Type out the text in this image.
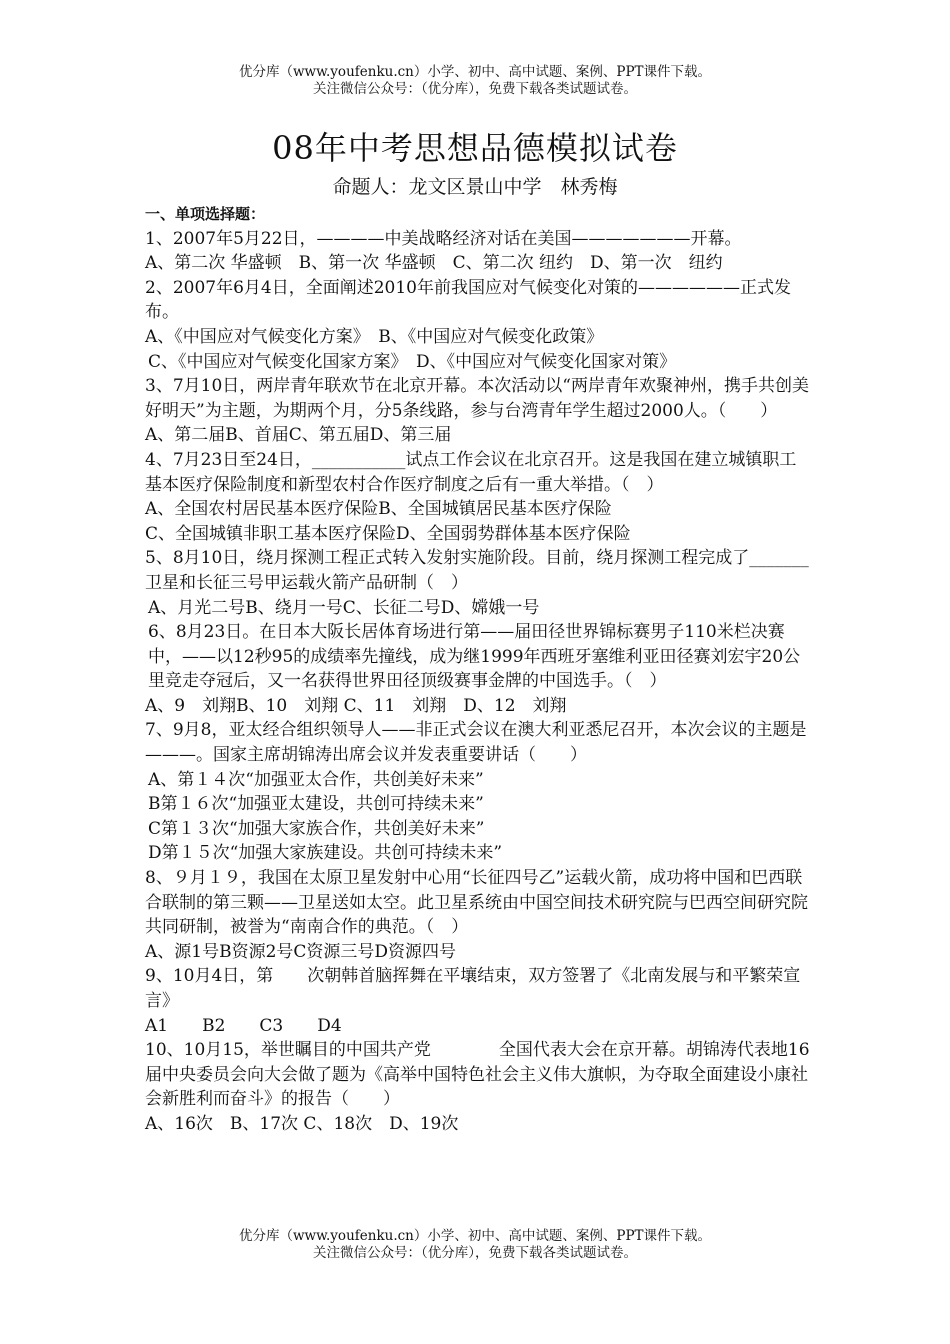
优分库（www.youfenku.cn）小学、初中、高中试题、案例、PPT课件下载。
关注微信公众号：（优分库），免费下载各类试题试卷。
08年中考思想品德模拟试卷
命题人：龙文区景山中学　林秀梅

一、单项选择题：

1、2007年5月22日，————中美战略经济对话在美国———————开幕。

A、第二次 华盛顿　B、第一次 华盛顿　C、第二次 纽约　D、第一次　纽约

2、2007年6月4日，全面阐述2010年前我国应对气候变化对策的——————正式发布。

A、《中国应对气候变化方案》　B、《中国应对气候变化政策》

C、《中国应对气候变化国家方案》　D、《中国应对气候变化国家对策》

3、7月10日，两岸青年联欢节在北京开幕。本次活动以“两岸青年欢聚神州，携手共创美好明天”为主题，为期两个月，分5条线路，参与台湾青年学生超过2000人。（　　）

A、第二届B、首届C、第五届D、第三届

4、7月23日至24日，___________试点工作会议在北京召开。这是我国在建立城镇职工基本医疗保险制度和新型农村合作医疗制度之后有一重大举措。（　）

A、全国农村居民基本医疗保险B、全国城镇居民基本医疗保险

C、全国城镇非职工基本医疗保险D、全国弱势群体基本医疗保险

5、8月10日，绕月探测工程正式转入发射实施阶段。目前，绕月探测工程完成了_______卫星和长征三号甲运载火箭产品研制（　）

A、月光二号B、绕月一号C、长征二号D、嫦娥一号

6、8月23日。在日本大阪长居体育场进行第——届田径世界锦标赛男子110米栏决赛中，——以12秒95的成绩率先撞线，成为继1999年西班牙塞维利亚田径赛刘宏宇20公里竞走夺冠后，又一名获得世界田径顶级赛事金牌的中国选手。（　）

A、9　刘翔B、10　刘翔 C、11　刘翔　D、12　刘翔

7、9月8，亚太经合组织领导人——非正式会议在澳大利亚悉尼召开，本次会议的主题是———。国家主席胡锦涛出席会议并发表重要讲话（　　）

A、第１４次“加强亚太合作，共创美好未来”

B第１６次“加强亚太建设，共创可持续未来”

C第１３次“加强大家族合作，共创美好未来”

D第１５次“加强大家族建设。共创可持续未来”

8、９月１９，我国在太原卫星发射中心用“长征四号乙”运载火箭，成功将中国和巴西联合联制的第三颗——卫星送如太空。此卫星系统由中国空间技术研究院与巴西空间研究院共同研制，被誉为“南南合作的典范。（　）

A、源1号B资源2号C资源三号D资源四号

9、10月4日，第　　次朝韩首脑挥舞在平壤结束，双方签署了《北南发展与和平繁荣宣言》

A1　　B2　　C3　　D4

10、10月15，举世瞩目的中国共产党　　　　全国代表大会在京开幕。胡锦涛代表地16届中央委员会向大会做了题为《高举中国特色社会主义伟大旗帜，为夺取全面建设小康社会新胜利而奋斗》的报告（　　）

A、16次　B、17次 C、18次　D、19次

优分库（www.youfenku.cn）小学、初中、高中试题、案例、PPT课件下载。
关注微信公众号：（优分库），免费下载各类试题试卷。
